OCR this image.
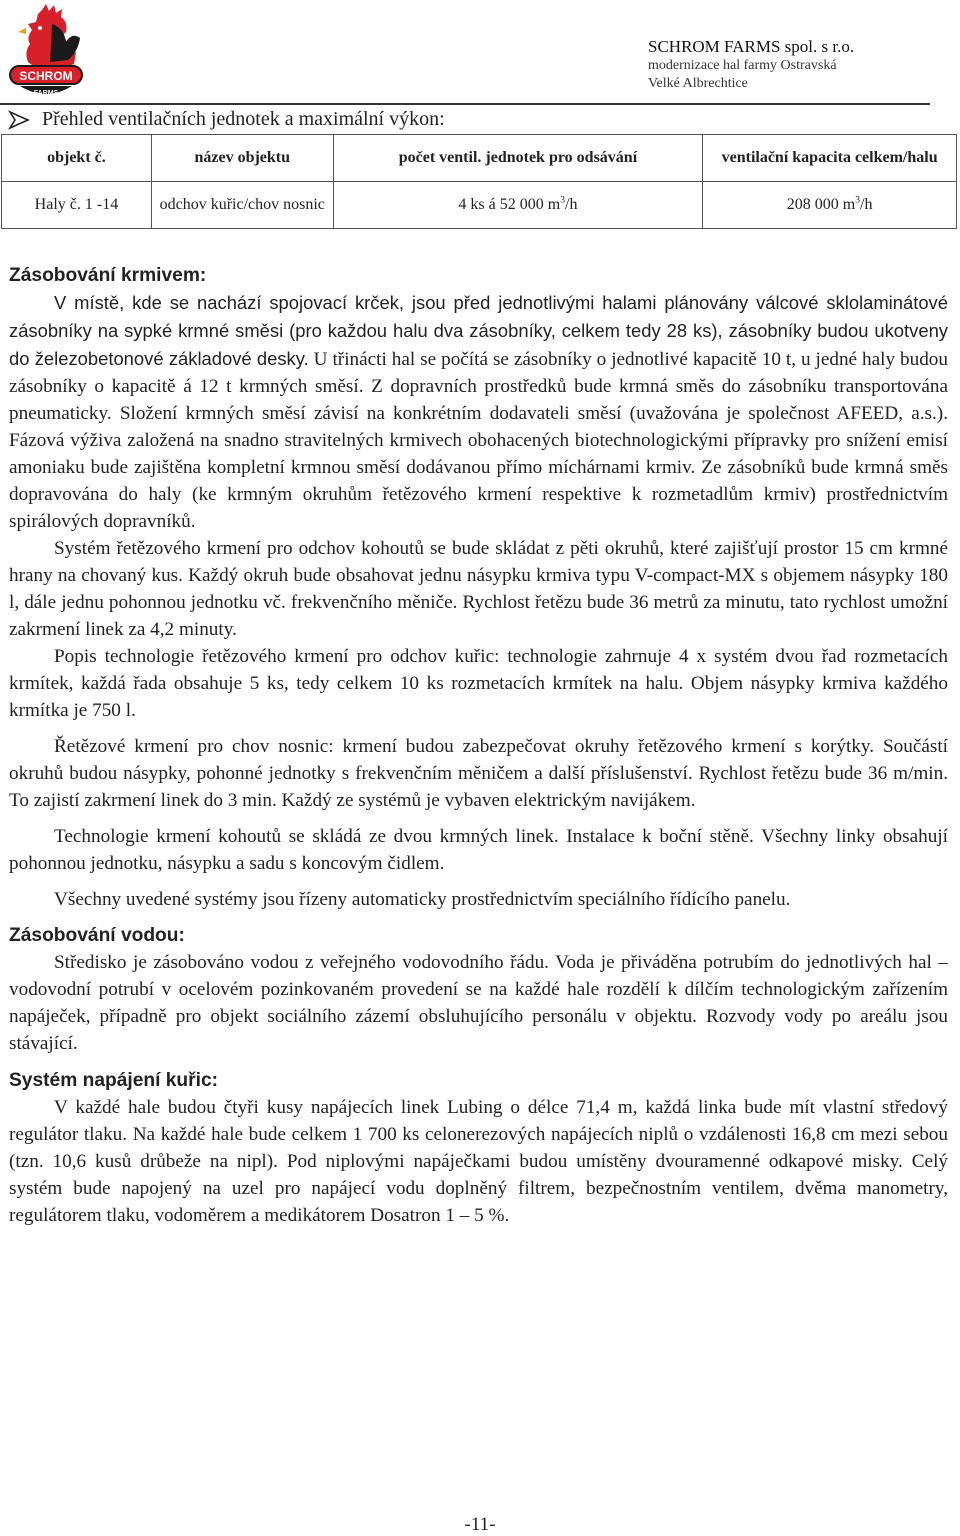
SCHROM
FARMS
SCHROM FARMS spol. s r.o.
modernizace hal farmy Ostravská
Velké Albrechtice
Přehled ventilačních jednotek a maximální výkon:
objekt č.	název objektu	počet ventil. jednotek pro odsávání	ventilační kapacita celkem/halu
Haly č. 1 -14	odchov kuřic/chov nosnic	4 ks á 52 000 $m^3/h$	208 000 $m^3/h$
Zásobování krmivem:

V místě, kde se nachází spojovací krček, jsou před jednotlivými halami plánovány válcové sklolaminátové zásobníky na sypké krmné směsi (pro každou halu dva zásobníky, celkem tedy 28 ks), zásobníky budou ukotveny do železobetonové základové desky. U třinácti hal se počítá se zásobníky o jednotlivé kapacitě 10 t, u jedné haly budou zásobníky o kapacitě á 12 t krmných směsí. Z dopravních prostředků bude krmná směs do zásobníku transportována pneumaticky. Složení krmných směsí závisí na konkrétním dodavateli směsí (uvažována je společnost AFEED, a.s.). Fázová výživa založená na snadno stravitelných krmivech obohacených biotechnologickými přípravky pro snížení emisí amoniaku bude zajištěna kompletní krmnou směsí dodávanou přímo míchárnami krmiv. Ze zásobníků bude krmná směs dopravována do haly (ke krmným okruhům řetězového krmení respektive k rozmetadlům krmiv) prostřednictvím spirálových dopravníků.

Systém řetězového krmení pro odchov kohoutů se bude skládat z pěti okruhů, které zajišťují prostor 15 cm krmné hrany na chovaný kus. Každý okruh bude obsahovat jednu násypku krmiva typu V-compact-MX s objemem násypky 180 l, dále jednu pohonnou jednotku vč. frekvenčního měniče. Rychlost řetězu bude 36 metrů za minutu, tato rychlost umožní zakrmení linek za 4,2 minuty.

Popis technologie řetězového krmení pro odchov kuřic: technologie zahrnuje 4 x systém dvou řad rozmetacích krmítek, každá řada obsahuje 5 ks, tedy celkem 10 ks rozmetacích krmítek na halu. Objem násypky krmiva každého krmítka je 750 l.

Řetězové krmení pro chov nosnic: krmení budou zabezpečovat okruhy řetězového krmení s korýtky. Součástí okruhů budou násypky, pohonné jednotky s frekvenčním měničem a další příslušenství. Rychlost řetězu bude 36 m/min. To zajistí zakrmení linek do 3 min. Každý ze systémů je vybaven elektrickým navijákem.

Technologie krmení kohoutů se skládá ze dvou krmných linek. Instalace k boční stěně. Všechny linky obsahují pohonnou jednotku, násypku a sadu s koncovým čidlem.

Všechny uvedené systémy jsou řízeny automaticky prostřednictvím speciálního řídícího panelu.

Zásobování vodou:

Středisko je zásobováno vodou z veřejného vodovodního řádu. Voda je přiváděna potrubím do jednotlivých hal – vodovodní potrubí v ocelovém pozinkovaném provedení se na každé hale rozdělí k dílčím technologickým zařízením napáječek, případně pro objekt sociálního zázemí obsluhujícího personálu v objektu. Rozvody vody po areálu jsou stávající.

Systém napájení kuřic:

V každé hale budou čtyři kusy napájecích linek Lubing o délce 71,4 m, každá linka bude mít vlastní středový regulátor tlaku. Na každé hale bude celkem 1 700 ks celonerezových napájecích niplů o vzdálenosti 16,8 cm mezi sebou (tzn. 10,6 kusů drůbeže na nipl). Pod niplovými napáječkami budou umístěny dvouramenné odkapové misky. Celý systém bude napojený na uzel pro napájecí vodu doplněný filtrem, bezpečnostním ventilem, dvěma manometry, regulátorem tlaku, vodoměrem a medikátorem Dosatron 1 – 5 %.

-11-
